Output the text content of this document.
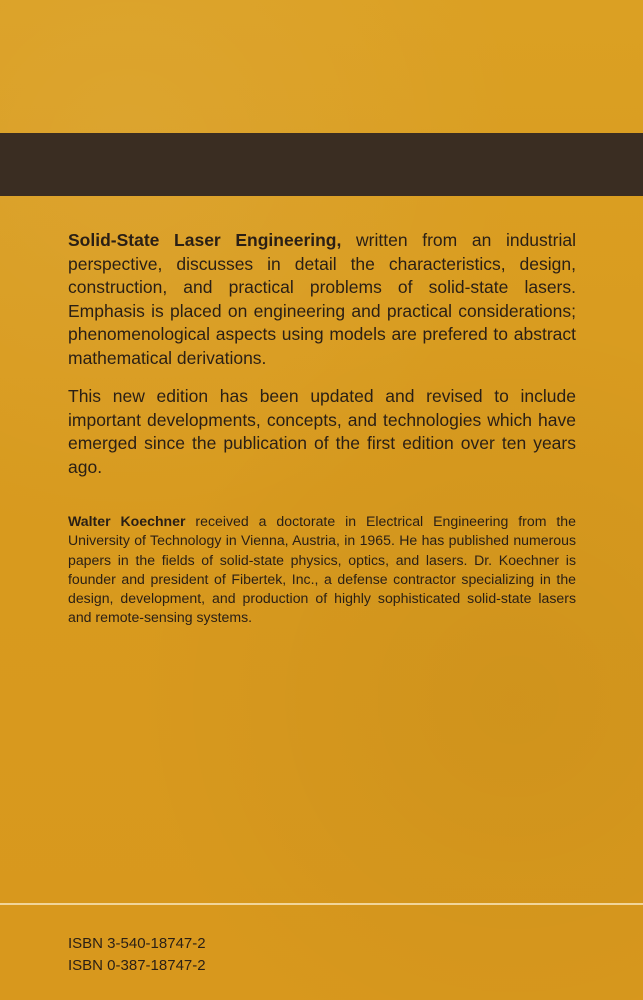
Solid-State Laser Engineering, written from an industrial perspective, discusses in detail the characteristics, design, construction, and practical problems of solid-state lasers. Emphasis is placed on engineering and practical considerations; phenomenological aspects using models are prefered to abstract mathematical derivations.

This new edition has been updated and revised to include important developments, concepts, and technologies which have emerged since the publication of the first edition over ten years ago.

Walter Koechner received a doctorate in Electrical Engineering from the University of Technology in Vienna, Austria, in 1965. He has published numerous papers in the fields of solid-state physics, optics, and lasers. Dr. Koechner is founder and president of Fibertek, Inc., a defense contractor specializing in the design, development, and production of highly sophisticated solid-state lasers and remote-sensing systems.

ISBN 3-540-18747-2
ISBN 0-387-18747-2
